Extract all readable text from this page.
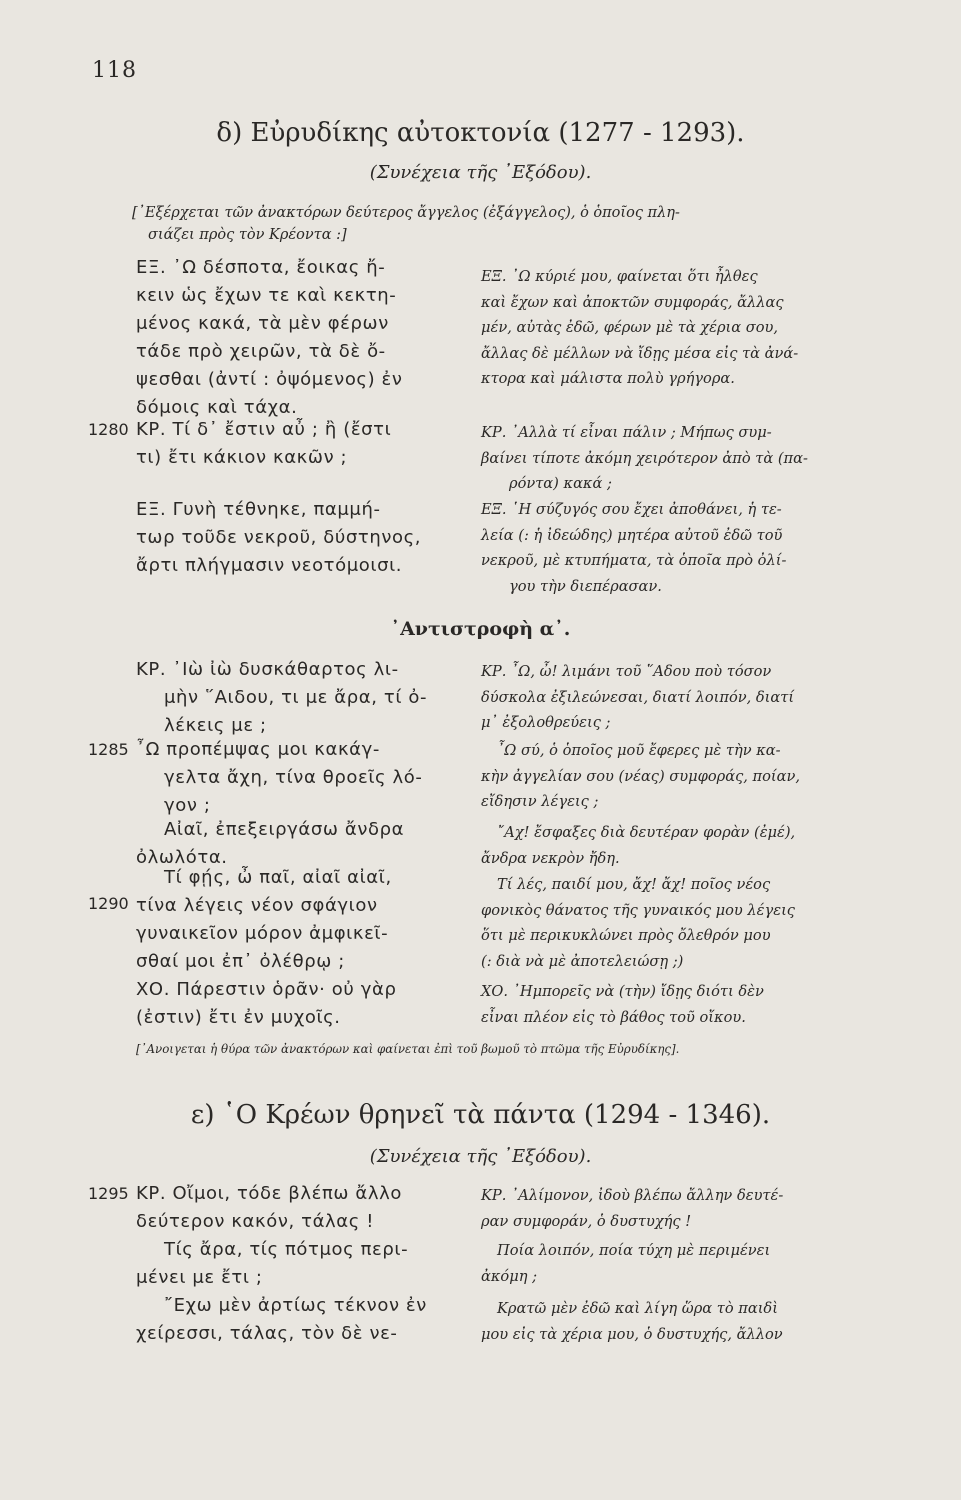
118
δ) Εὐρυδίκης αὐτοκτονία (1277 - 1293).
(Συνέχεια τῆς ᾽Εξόδου).
[᾽Εξέρχεται τῶν ἀνακτόρων δεύτερος ἄγγελος (ἐξάγγελος), ὁ ὁποῖος πλη-
σιάζει πρὸς τὸν Κρέοντα :]
ΕΞ. ᾽Ω δέσποτα, ἔοικας ἤ-
κειν ὡς ἔχων τε καὶ κεκτη-
μένος κακά, τὰ μὲν φέρων
τάδε πρὸ χειρῶν, τὰ δὲ ὄ-
ψεσθαι (ἀντί : ὀψόμενος) ἐν
δόμοις καὶ τάχα.
ΕΞ. ᾽Ω κύριέ μου, φαίνεται ὅτι ἦλθες
καὶ ἔχων καὶ ἀποκτῶν συμφοράς, ἄλλας
μέν, αὐτὰς ἐδῶ, φέρων μὲ τὰ χέρια σου,
ἄλλας δὲ μέλλων νὰ ἴδῃς μέσα εἰς τὰ ἀνά-
κτορα καὶ μάλιστα πολὺ γρήγορα.
1280 ΚΡ. Τί δ᾽ ἔστιν αὖ ; ἢ (ἔστι
τι) ἔτι κάκιον κακῶν ;
ΚΡ. ᾽Αλλὰ τί εἶναι πάλιν ; Μήπως συμ-
βαίνει τίποτε ἀκόμη χειρότερον ἀπὸ τὰ (πα-
ρόντα) κακά ;
ΕΞ. Γυνὴ τέθνηκε, παμμή-
τωρ τοῦδε νεκροῦ, δύστηνος,
ἄρτι πλήγμασιν νεοτόμοισι.
ΕΞ. ῾Η σύζυγός σου ἔχει ἀποθάνει, ἡ τε-
λεία (: ἡ ἰδεώδης) μητέρα αὐτοῦ ἐδῶ τοῦ
νεκροῦ, μὲ κτυπήματα, τὰ ὁποῖα πρὸ ὀλί-
γου τὴν διεπέρασαν.
᾽Αντιστροφὴ α᾽.
ΚΡ. ᾽Ιὼ ἰὼ δυσκάθαρτος λι-
μὴν ῞Αιδου, τι με ἄρα, τί ὀ-
λέκεις με ;
ΚΡ. ῏Ω, ὦ! λιμάνι τοῦ ῞Αδου ποὺ τόσον
δύσκολα ἐξιλεώνεσαι, διατί λοιπόν, διατί
μ᾽ ἐξολοθρεύεις ;
1285 ῏Ω προπέμψας μοι κακάγ-
γελτα ἄχη, τίνα θροεῖς λό-
γον ;
῏Ω σύ, ὁ ὁποῖος μοῦ ἔφερες μὲ τὴν κα-
κὴν ἀγγελίαν σου (νέας) συμφοράς, ποίαν,
εἴδησιν λέγεις ;
Αἰαῖ, ἐπεξειργάσω ἄνδρα
ὀλωλότα.
῎Αχ! ἔσφαξες διὰ δευτέραν φορὰν (ἐμέ),
ἄνδρα νεκρὸν ἤδη.
1290
Τί φῄς, ὦ παῖ, αἰαῖ αἰαῖ,
τίνα λέγεις νέον σφάγιον
γυναικεῖον μόρον ἀμφικεῖ-
σθαί μοι ἐπ᾽ ὀλέθρῳ ;
Τί λές, παιδί μου, ἄχ! ἄχ! ποῖος νέος
φονικὸς θάνατος τῆς γυναικός μου λέγεις
ὅτι μὲ περικυκλώνει πρὸς ὄλεθρόν μου
(: διὰ νὰ μὲ ἀποτελειώσῃ ;)
ΧΟ. Πάρεστιν ὁρᾶν· οὐ γὰρ
(ἐστιν) ἔτι ἐν μυχοῖς.
ΧΟ. ᾽Ημπορεῖς νὰ (τὴν) ἴδῃς διότι δὲν
εἶναι πλέον εἰς τὸ βάθος τοῦ οἴκου.
[᾽Ανοιγεται ἡ θύρα τῶν ἀνακτόρων καὶ φαίνεται ἐπὶ τοῦ βωμοῦ τὸ πτῶμα τῆς Εὐρυδίκης].
ε) ῾Ο Κρέων θρηνεῖ τὰ πάντα (1294 - 1346).
(Συνέχεια τῆς ᾽Εξόδου).
1295 ΚΡ. Οἴμοι, τόδε βλέπω ἄλλο
δεύτερον κακόν, τάλας !
ΚΡ. ᾽Αλίμονον, ἰδοὺ βλέπω ἄλλην δευτέ-
ραν συμφοράν, ὁ δυστυχής !
Τίς ἄρα, τίς πότμος περι-
μένει με ἔτι ;
Ποία λοιπόν, ποία τύχη μὲ περιμένει
ἀκόμη ;
῎Εχω μὲν ἀρτίως τέκνον ἐν
χείρεσσι, τάλας, τὸν δὲ νε-
Κρατῶ μὲν ἐδῶ καὶ λίγη ὥρα τὸ παιδὶ
μου εἰς τὰ χέρια μου, ὁ δυστυχής, ἄλλον
